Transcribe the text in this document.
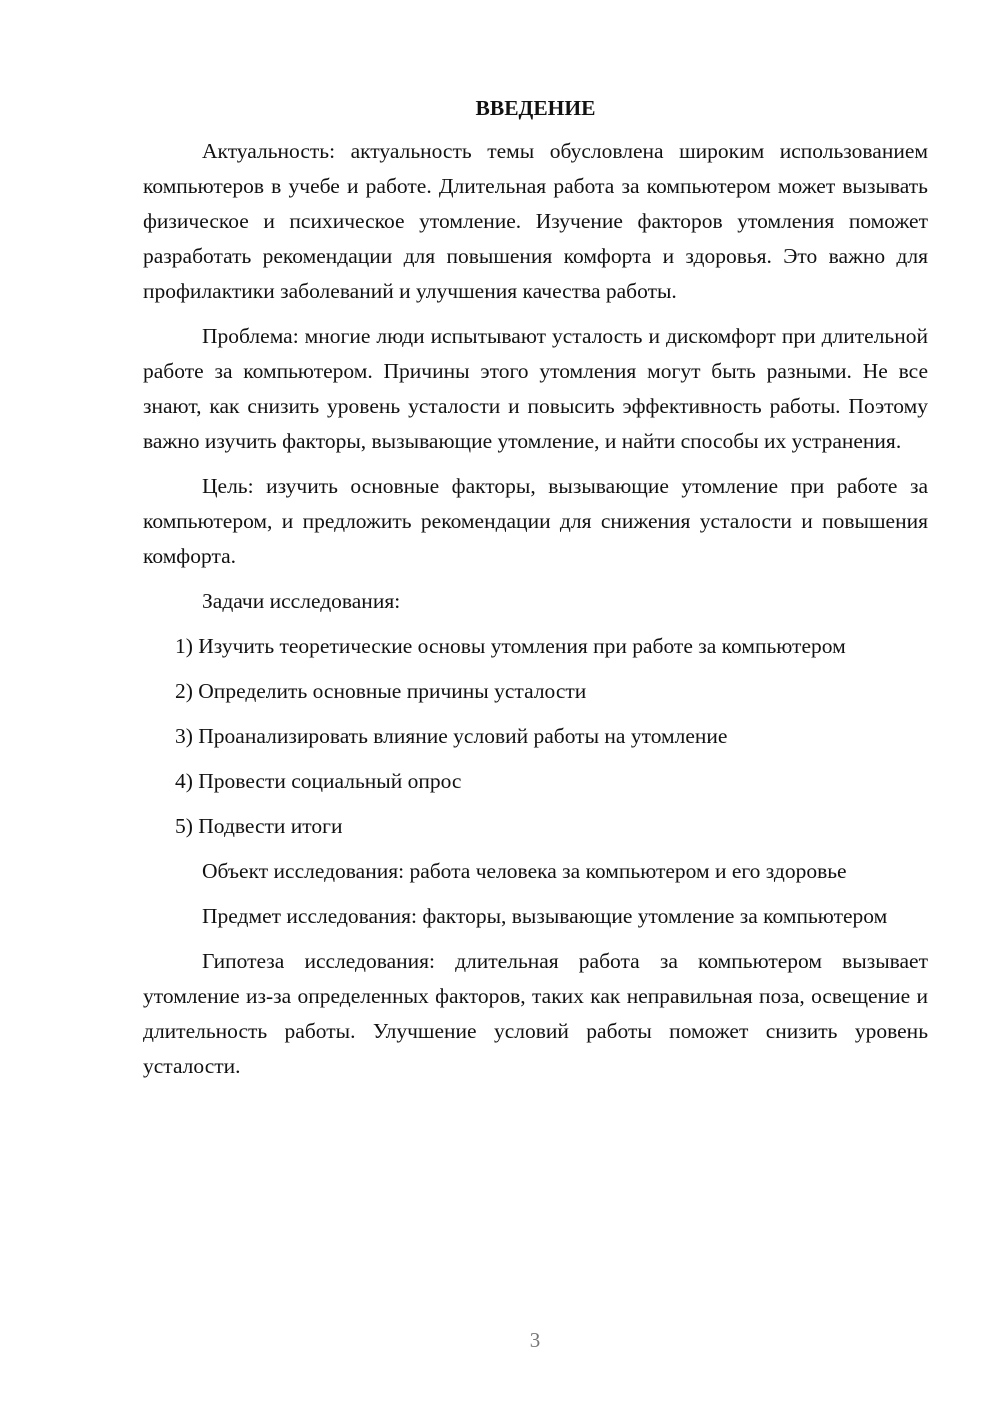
ВВЕДЕНИЕ

Актуальность: актуальность темы обусловлена широким использованием компьютеров в учебе и работе. Длительная работа за компьютером может вызывать физическое и психическое утомление. Изучение факторов утомления поможет разработать рекомендации для повышения комфорта и здоровья. Это важно для профилактики заболеваний и улучшения качества работы.

Проблема: многие люди испытывают усталость и дискомфорт при длительной работе за компьютером. Причины этого утомления могут быть разными. Не все знают, как снизить уровень усталости и повысить эффективность работы. Поэтому важно изучить факторы, вызывающие утомление, и найти способы их устранения.

Цель: изучить основные факторы, вызывающие утомление при работе за компьютером, и предложить рекомендации для снижения усталости и повышения комфорта.

Задачи исследования:

1) Изучить теоретические основы утомления при работе за компьютером

2) Определить основные причины усталости

3) Проанализировать влияние условий работы на утомление

4) Провести социальный опрос

5) Подвести итоги

Объект исследования: работа человека за компьютером и его здоровье

Предмет исследования: факторы, вызывающие утомление за компьютером

Гипотеза исследования: длительная работа за компьютером вызывает утомление из-за определенных факторов, таких как неправильная поза, освещение и длительность работы. Улучшение условий работы поможет снизить уровень усталости.

3
